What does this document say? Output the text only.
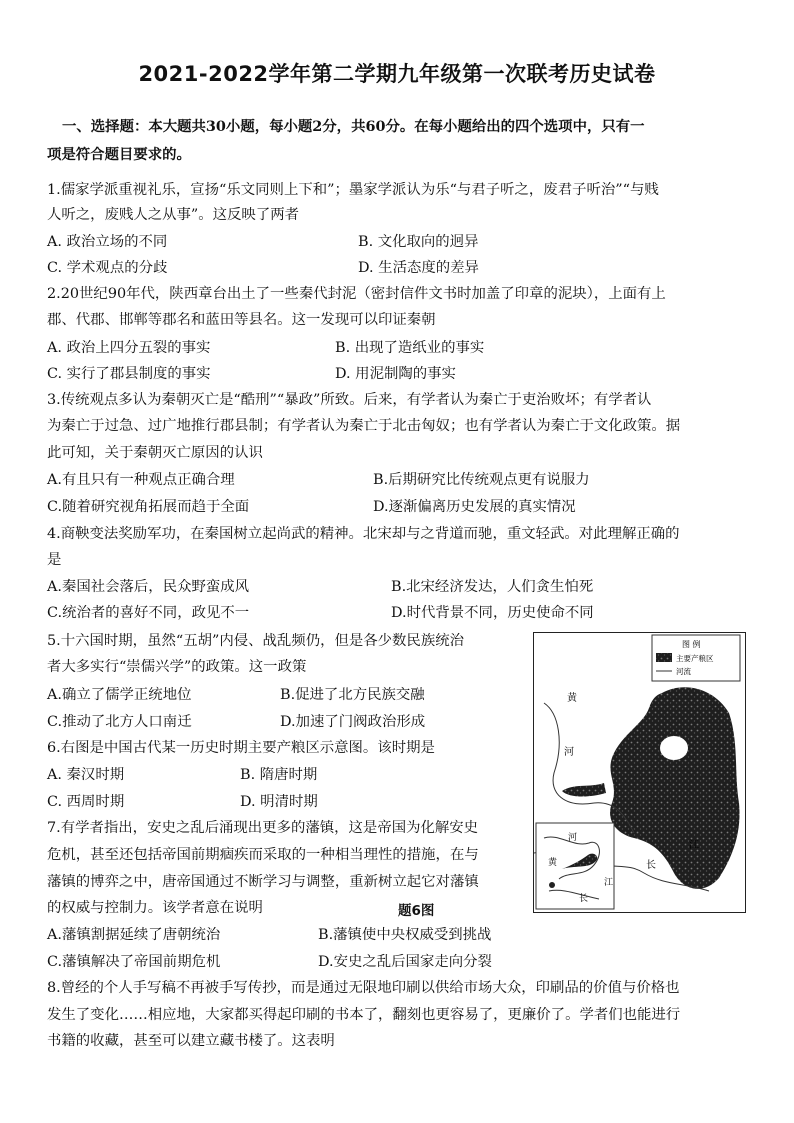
2021-2022学年第二学期九年级第一次联考历史试卷
一、选择题：本大题共30小题，每小题2分，共60分。在每小题给出的四个选项中，只有一
项是符合题目要求的。
1.儒家学派重视礼乐，宣扬“乐文同则上下和”；墨家学派认为乐“与君子听之，废君子听治”“与贱
人听之，废贱人之从事”。这反映了两者
A. 政治立场的不同	B. 文化取向的迥异
C. 学术观点的分歧	D. 生活态度的差异
2.20世纪90年代，陕西章台出土了一些秦代封泥（密封信件文书时加盖了印章的泥块），上面有上
郡、代郡、邯郸等郡名和蓝田等县名。这一发现可以印证秦朝
A. 政治上四分五裂的事实	B. 出现了造纸业的事实
C. 实行了郡县制度的事实	D. 用泥制陶的事实
3.传统观点多认为秦朝灭亡是“酷刑”“暴政”所致。后来，有学者认为秦亡于吏治败坏；有学者认
为秦亡于过急、过广地推行郡县制；有学者认为秦亡于北击匈奴；也有学者认为秦亡于文化政策。据
此可知，关于秦朝灭亡原因的认识
A.有且只有一种观点正确合理	B.后期研究比传统观点更有说服力
C.随着研究视角拓展而趋于全面	D.逐渐偏离历史发展的真实情况
4.商鞅变法奖励军功，在秦国树立起尚武的精神。北宋却与之背道而驰，重文轻武。对此理解正确的
是
A.秦国社会落后，民众野蛮成风	B.北宋经济发达，人们贪生怕死
C.统治者的喜好不同，政见不一	D.时代背景不同，历史使命不同
5.十六国时期，虽然“五胡”内侵、战乱频仍，但是各少数民族统治
者大多实行“崇儒兴学”的政策。这一政策
A.确立了儒学正统地位	B.促进了北方民族交融
C.推动了北方人口南迁	D.加速了门阀政治形成
6.右图是中国古代某一历史时期主要产粮区示意图。该时期是
A. 秦汉时期	B. 隋唐时期
C. 西周时期	D. 明清时期
7.有学者指出，安史之乱后涌现出更多的藩镇，这是帝国为化解安史
危机，甚至还包括帝国前期痼疾而采取的一种相当理性的措施，在与
藩镇的博弈之中，唐帝国通过不断学习与调整，重新树立起它对藩镇
的权威与控制力。该学者意在说明
A.藩镇割据延续了唐朝统治	B.藩镇使中央权威受到挑战
C.藩镇解决了帝国前期危机	D.安史之乱后国家走向分裂
8.曾经的个人手写稿不再被手写传抄，而是通过无限地印刷以供给市场大众，印刷品的价值与价格也
发生了变化……相应地，大家都买得起印刷的书本了，翻刻也更容易了，更廉价了。学者们也能进行
书籍的收藏，甚至可以建立藏书楼了。这表明
图 例
主要产粮区
河流
黄
河
河
黄
江
长
长
江
题6图
